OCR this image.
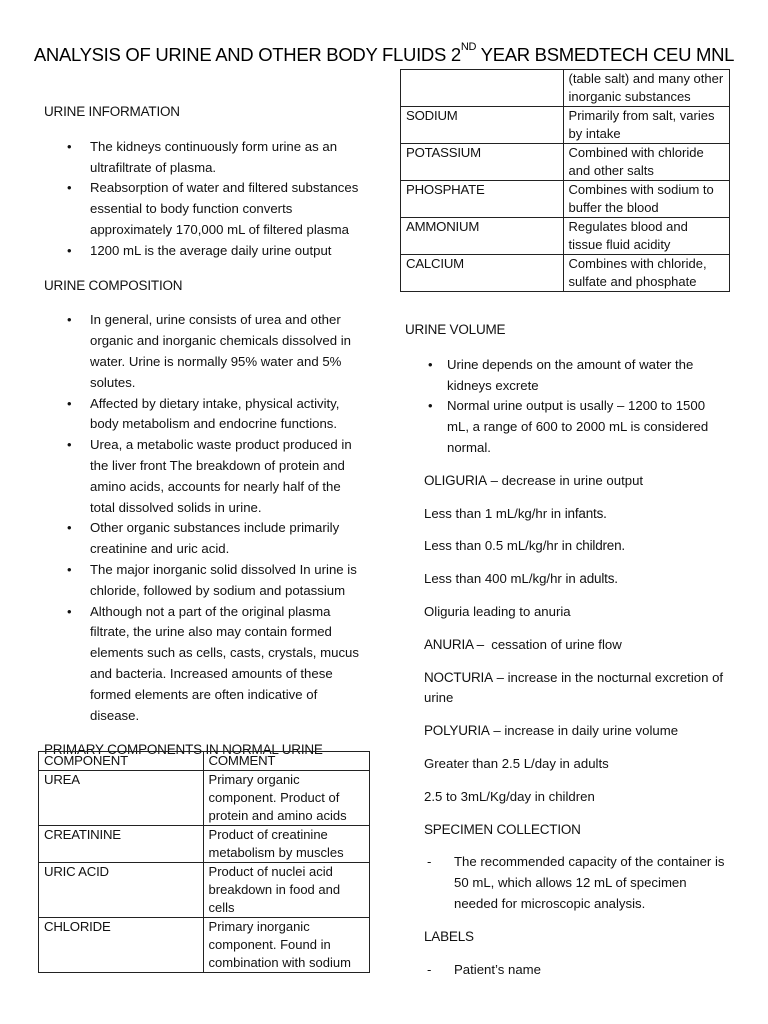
ANALYSIS OF URINE AND OTHER BODY FLUIDS 2ND YEAR BSMEDTECH CEU MNL

URINE INFORMATION

• The kidneys continuously form urine as an ultrafiltrate of plasma.
• Reabsorption of water and filtered substances essential to body function converts approximately 170,000 mL of filtered plasma
• 1200 mL is the average daily urine output

URINE COMPOSITION

• In general, urine consists of urea and other organic and inorganic chemicals dissolved in water. Urine is normally 95% water and 5% solutes.
• Affected by dietary intake, physical activity, body metabolism and endocrine functions.
• Urea, a metabolic waste product produced in the liver front The breakdown of protein and amino acids, accounts for nearly half of the total dissolved solids in urine.
• Other organic substances include primarily creatinine and uric acid.
• The major inorganic solid dissolved In urine is chloride, followed by sodium and potassium
• Although not a part of the original plasma filtrate, the urine also may contain formed elements such as cells, casts, crystals, mucus and bacteria. Increased amounts of these formed elements are often indicative of disease.

PRIMARY COMPONENTS IN NORMAL URINE

COMPONENT	COMMENT
UREA	Primary organic component. Product of protein and amino acids
CREATININE	Product of creatinine metabolism by muscles
URIC ACID	Product of nuclei acid breakdown in food and cells
CHLORIDE	Primary inorganic component. Found in combination with sodium
	(table salt) and many other inorganic substances
SODIUM	Primarily from salt, varies by intake
POTASSIUM	Combined with chloride and other salts
PHOSPHATE	Combines with sodium to buffer the blood
AMMONIUM	Regulates blood and tissue fluid acidity
CALCIUM	Combines with chloride, sulfate and phosphate

URINE VOLUME

• Urine depends on the amount of water the kidneys excrete
• Normal urine output is usally – 1200 to 1500 mL, a range of 600 to 2000 mL is considered normal.

OLIGURIA – decrease in urine output

Less than 1 mL/kg/hr in infants.

Less than 0.5 mL/kg/hr in children.

Less than 400 mL/kg/hr in adults.

Oliguria leading to anuria

ANURIA –  cessation of urine flow

NOCTURIA – increase in the nocturnal excretion of urine

POLYURIA – increase in daily urine volume

Greater than 2.5 L/day in adults

2.5 to 3mL/Kg/day in children

SPECIMEN COLLECTION

- The recommended capacity of the container is 50 mL, which allows 12 mL of specimen needed for microscopic analysis.

LABELS

- Patient’s name
